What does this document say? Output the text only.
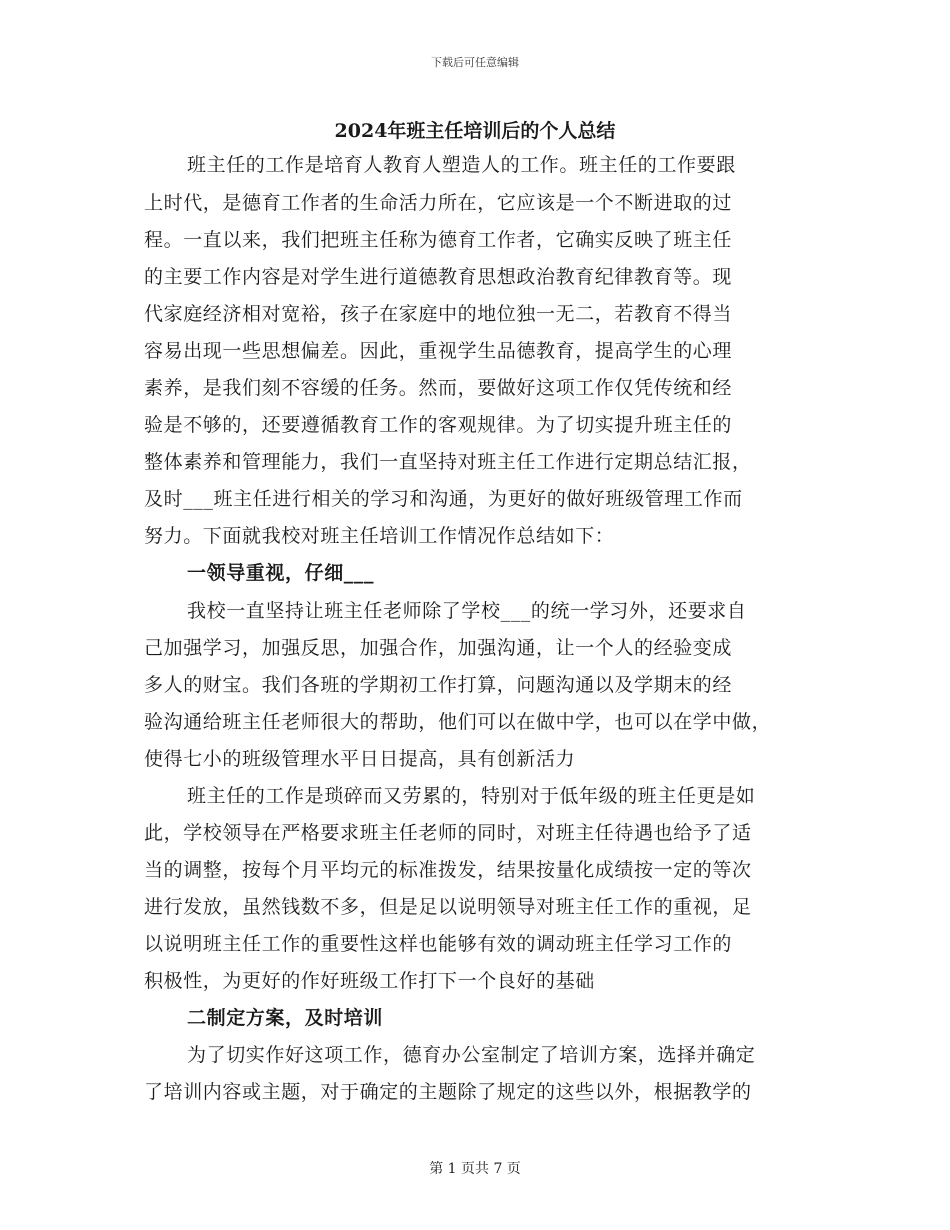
下载后可任意编辑
2024年班主任培训后的个人总结
班主任的工作是培育人教育人塑造人的工作。班主任的工作要跟
上时代，是德育工作者的生命活力所在，它应该是一个不断进取的过
程。一直以来，我们把班主任称为德育工作者，它确实反映了班主任
的主要工作内容是对学生进行道德教育思想政治教育纪律教育等。现
代家庭经济相对宽裕，孩子在家庭中的地位独一无二，若教育不得当
容易出现一些思想偏差。因此，重视学生品德教育，提高学生的心理
素养，是我们刻不容缓的任务。然而，要做好这项工作仅凭传统和经
验是不够的，还要遵循教育工作的客观规律。为了切实提升班主任的
整体素养和管理能力，我们一直坚持对班主任工作进行定期总结汇报，
及时___班主任进行相关的学习和沟通，为更好的做好班级管理工作而
努力。下面就我校对班主任培训工作情况作总结如下：
一领导重视，仔细___
我校一直坚持让班主任老师除了学校___的统一学习外，还要求自
己加强学习，加强反思，加强合作，加强沟通，让一个人的经验变成
多人的财宝。我们各班的学期初工作打算，问题沟通以及学期末的经
验沟通给班主任老师很大的帮助，他们可以在做中学，也可以在学中做，
使得七小的班级管理水平日日提高，具有创新活力
班主任的工作是琐碎而又劳累的，特别对于低年级的班主任更是如
此，学校领导在严格要求班主任老师的同时，对班主任待遇也给予了适
当的调整，按每个月平均元的标准拨发，结果按量化成绩按一定的等次
进行发放，虽然钱数不多，但是足以说明领导对班主任工作的重视，足
以说明班主任工作的重要性这样也能够有效的调动班主任学习工作的
积极性，为更好的作好班级工作打下一个良好的基础
二制定方案，及时培训
为了切实作好这项工作，德育办公室制定了培训方案，选择并确定
了培训内容或主题，对于确定的主题除了规定的这些以外，根据教学的
第 1 页共 7 页
